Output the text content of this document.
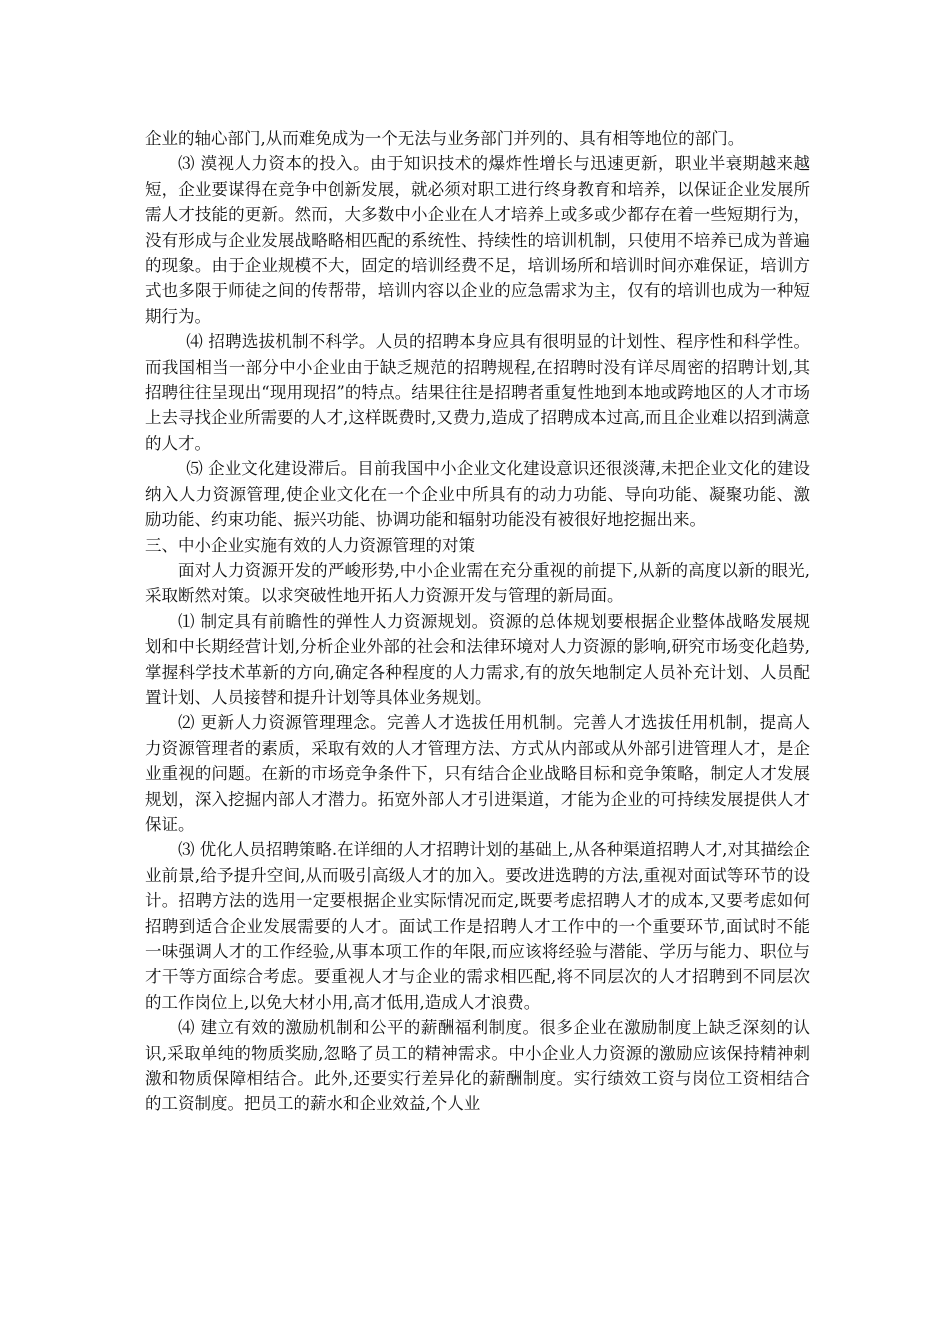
企业的轴心部门,从而难免成为一个无法与业务部门并列的、具有相等地位的部门。

⑶ 漠视人力资本的投入。由于知识技术的爆炸性增长与迅速更新，职业半衰期越来越短，企业要谋得在竞争中创新发展，就必须对职工进行终身教育和培养，以保证企业发展所需人才技能的更新。然而，大多数中小企业在人才培养上或多或少都存在着一些短期行为，没有形成与企业发展战略略相匹配的系统性、持续性的培训机制，只使用不培养已成为普遍的现象。由于企业规模不大，固定的培训经费不足，培训场所和培训时间亦难保证，培训方式也多限于师徒之间的传帮带，培训内容以企业的应急需求为主，仅有的培训也成为一种短期行为。

⑷ 招聘选拔机制不科学。人员的招聘本身应具有很明显的计划性、程序性和科学性。而我国相当一部分中小企业由于缺乏规范的招聘规程,在招聘时没有详尽周密的招聘计划,其招聘往往呈现出“现用现招”的特点。结果往往是招聘者重复性地到本地或跨地区的人才市场上去寻找企业所需要的人才,这样既费时,又费力,造成了招聘成本过高,而且企业难以招到满意的人才。

⑸ 企业文化建设滞后。目前我国中小企业文化建设意识还很淡薄,未把企业文化的建设纳入人力资源管理,使企业文化在一个企业中所具有的动力功能、导向功能、凝聚功能、激励功能、约束功能、振兴功能、协调功能和辐射功能没有被很好地挖掘出来。

三、中小企业实施有效的人力资源管理的对策

面对人力资源开发的严峻形势,中小企业需在充分重视的前提下,从新的高度以新的眼光,采取断然对策。以求突破性地开拓人力资源开发与管理的新局面。

⑴ 制定具有前瞻性的弹性人力资源规划。资源的总体规划要根据企业整体战略发展规划和中长期经营计划,分析企业外部的社会和法律环境对人力资源的影响,研究市场变化趋势,掌握科学技术革新的方向,确定各种程度的人力需求,有的放矢地制定人员补充计划、人员配置计划、人员接替和提升计划等具体业务规划。

⑵ 更新人力资源管理理念。完善人才选拔任用机制。完善人才选拔任用机制，提高人力资源管理者的素质，采取有效的人才管理方法、方式从内部或从外部引进管理人才，是企业重视的问题。在新的市场竞争条件下，只有结合企业战略目标和竞争策略，制定人才发展规划，深入挖掘内部人才潜力。拓宽外部人才引进渠道，才能为企业的可持续发展提供人才保证。

⑶ 优化人员招聘策略.在详细的人才招聘计划的基础上,从各种渠道招聘人才,对其描绘企业前景,给予提升空间,从而吸引高级人才的加入。要改进选聘的方法,重视对面试等环节的设计。招聘方法的选用一定要根据企业实际情况而定,既要考虑招聘人才的成本,又要考虑如何招聘到适合企业发展需要的人才。面试工作是招聘人才工作中的一个重要环节,面试时不能一味强调人才的工作经验,从事本项工作的年限,而应该将经验与潜能、学历与能力、职位与才干等方面综合考虑。要重视人才与企业的需求相匹配,将不同层次的人才招聘到不同层次的工作岗位上,以免大材小用,高才低用,造成人才浪费。

⑷ 建立有效的激励机制和公平的薪酬福利制度。很多企业在激励制度上缺乏深刻的认识,采取单纯的物质奖励,忽略了员工的精神需求。中小企业人力资源的激励应该保持精神刺激和物质保障相结合。此外,还要实行差异化的薪酬制度。实行绩效工资与岗位工资相结合的工资制度。把员工的薪水和企业效益,个人业
